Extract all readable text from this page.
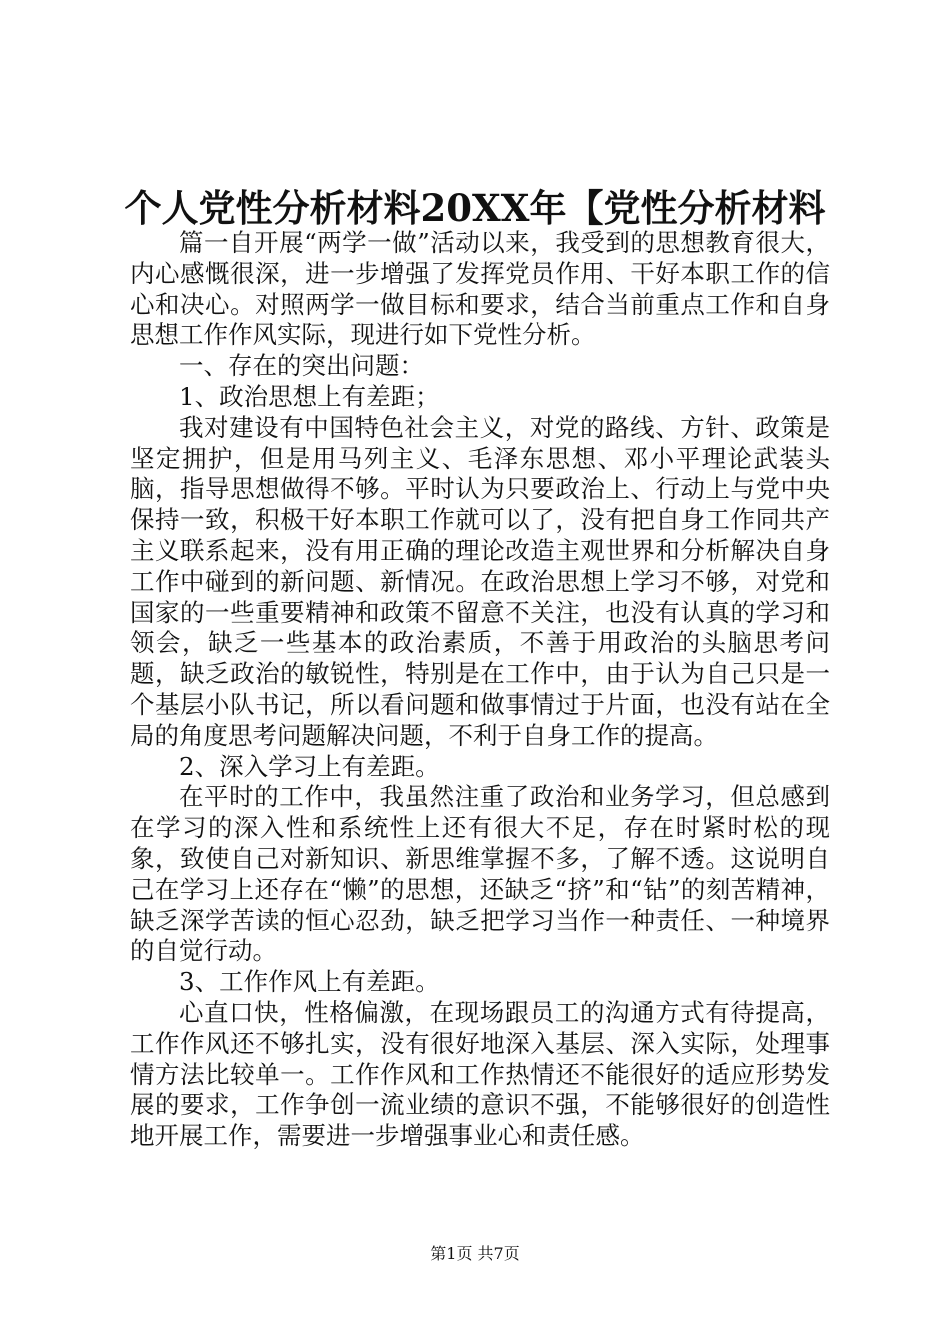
个人党性分析材料20XX年【党性分析材料

篇一自开展“两学一做”活动以来，我受到的思想教育很大，内心感慨很深，进一步增强了发挥党员作用、干好本职工作的信心和决心。对照两学一做目标和要求，结合当前重点工作和自身思想工作作风实际，现进行如下党性分析。

一、存在的突出问题：

1、政治思想上有差距；

我对建设有中国特色社会主义，对党的路线、方针、政策是坚定拥护，但是用马列主义、毛泽东思想、邓小平理论武装头脑，指导思想做得不够。平时认为只要政治上、行动上与党中央保持一致，积极干好本职工作就可以了，没有把自身工作同共产主义联系起来，没有用正确的理论改造主观世界和分析解决自身工作中碰到的新问题、新情况。在政治思想上学习不够，对党和国家的一些重要精神和政策不留意不关注，也没有认真的学习和领会，缺乏一些基本的政治素质，不善于用政治的头脑思考问题，缺乏政治的敏锐性，特别是在工作中，由于认为自己只是一个基层小队书记，所以看问题和做事情过于片面，也没有站在全局的角度思考问题解决问题，不利于自身工作的提高。

2、深入学习上有差距。

在平时的工作中，我虽然注重了政治和业务学习，但总感到在学习的深入性和系统性上还有很大不足，存在时紧时松的现象，致使自己对新知识、新思维掌握不多，了解不透。这说明自己在学习上还存在“懒”的思想，还缺乏“挤”和“钻”的刻苦精神，缺乏深学苦读的恒心忍劲，缺乏把学习当作一种责任、一种境界的自觉行动。

3、工作作风上有差距。

心直口快，性格偏激，在现场跟员工的沟通方式有待提高，工作作风还不够扎实，没有很好地深入基层、深入实际，处理事情方法比较单一。工作作风和工作热情还不能很好的适应形势发展的要求，工作争创一流业绩的意识不强，不能够很好的创造性地开展工作，需要进一步增强事业心和责任感。

第1页 共7页
